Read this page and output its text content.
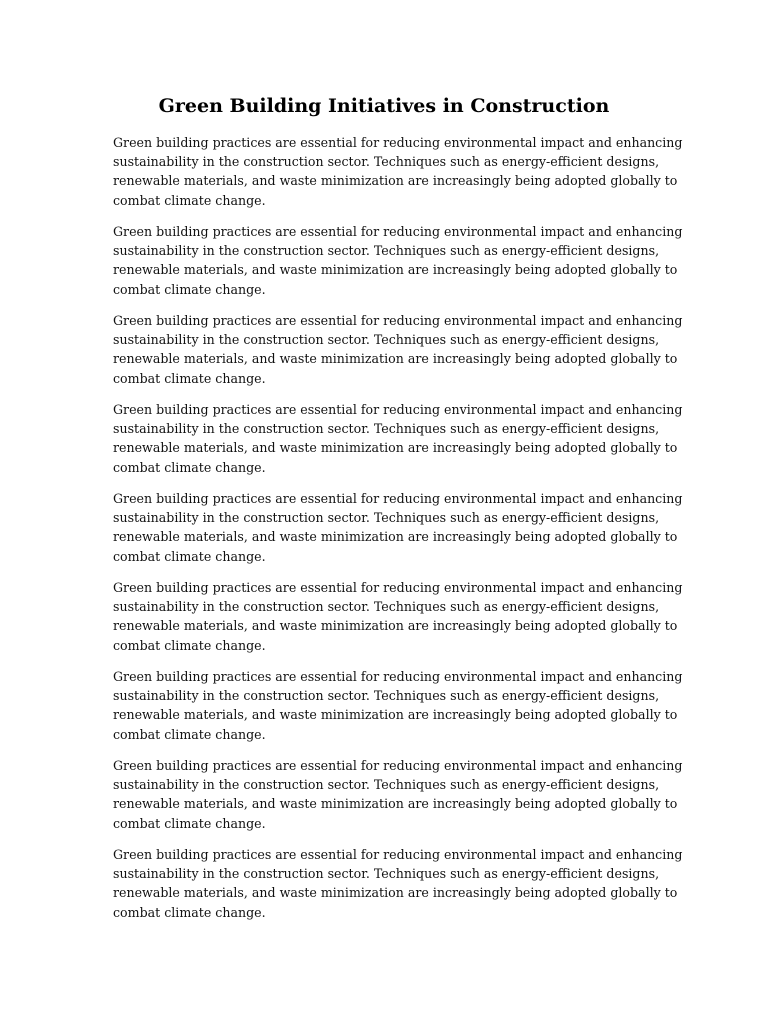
Green Building Initiatives in Construction

Green building practices are essential for reducing environmental impact and enhancing
sustainability in the construction sector. Techniques such as energy-efficient designs,
renewable materials, and waste minimization are increasingly being adopted globally to
combat climate change.

Green building practices are essential for reducing environmental impact and enhancing
sustainability in the construction sector. Techniques such as energy-efficient designs,
renewable materials, and waste minimization are increasingly being adopted globally to
combat climate change.

Green building practices are essential for reducing environmental impact and enhancing
sustainability in the construction sector. Techniques such as energy-efficient designs,
renewable materials, and waste minimization are increasingly being adopted globally to
combat climate change.

Green building practices are essential for reducing environmental impact and enhancing
sustainability in the construction sector. Techniques such as energy-efficient designs,
renewable materials, and waste minimization are increasingly being adopted globally to
combat climate change.

Green building practices are essential for reducing environmental impact and enhancing
sustainability in the construction sector. Techniques such as energy-efficient designs,
renewable materials, and waste minimization are increasingly being adopted globally to
combat climate change.

Green building practices are essential for reducing environmental impact and enhancing
sustainability in the construction sector. Techniques such as energy-efficient designs,
renewable materials, and waste minimization are increasingly being adopted globally to
combat climate change.

Green building practices are essential for reducing environmental impact and enhancing
sustainability in the construction sector. Techniques such as energy-efficient designs,
renewable materials, and waste minimization are increasingly being adopted globally to
combat climate change.

Green building practices are essential for reducing environmental impact and enhancing
sustainability in the construction sector. Techniques such as energy-efficient designs,
renewable materials, and waste minimization are increasingly being adopted globally to
combat climate change.

Green building practices are essential for reducing environmental impact and enhancing
sustainability in the construction sector. Techniques such as energy-efficient designs,
renewable materials, and waste minimization are increasingly being adopted globally to
combat climate change.
